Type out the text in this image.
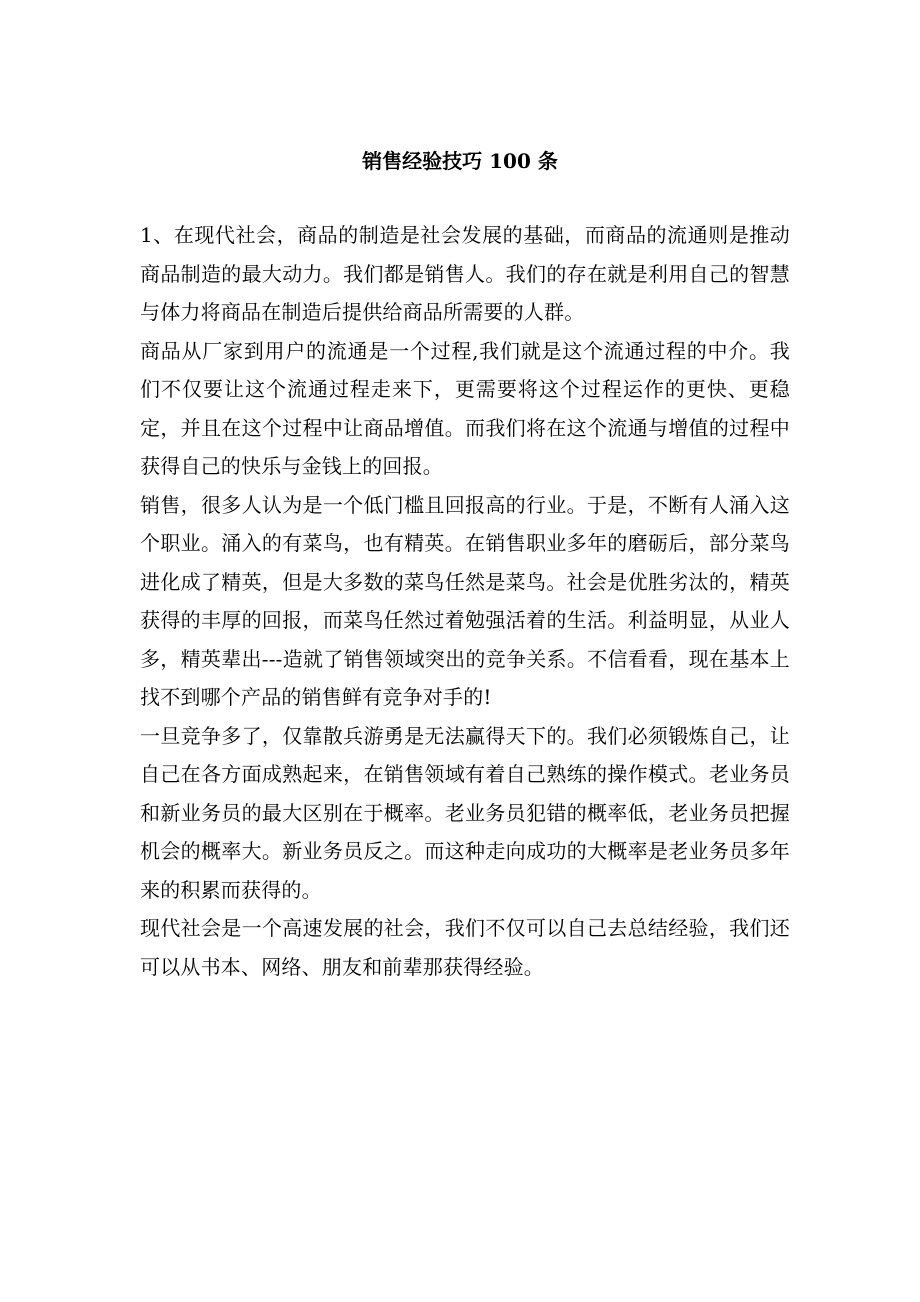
销售经验技巧 100 条

1、在现代社会，商品的制造是社会发展的基础，而商品的流通则是推动商品制造的最大动力。我们都是销售人。我们的存在就是利用自己的智慧与体力将商品在制造后提供给商品所需要的人群。

商品从厂家到用户的流通是一个过程,我们就是这个流通过程的中介。我们不仅要让这个流通过程走来下，更需要将这个过程运作的更快、更稳定，并且在这个过程中让商品增值。而我们将在这个流通与增值的过程中获得自己的快乐与金钱上的回报。

销售，很多人认为是一个低门槛且回报高的行业。于是，不断有人涌入这个职业。涌入的有菜鸟，也有精英。在销售职业多年的磨砺后，部分菜鸟进化成了精英，但是大多数的菜鸟任然是菜鸟。社会是优胜劣汰的，精英获得的丰厚的回报，而菜鸟任然过着勉强活着的生活。利益明显，从业人多，精英辈出---造就了销售领域突出的竞争关系。不信看看，现在基本上找不到哪个产品的销售鲜有竞争对手的!

一旦竞争多了，仅靠散兵游勇是无法赢得天下的。我们必须锻炼自己，让自己在各方面成熟起来，在销售领域有着自己熟练的操作模式。老业务员和新业务员的最大区别在于概率。老业务员犯错的概率低，老业务员把握机会的概率大。新业务员反之。而这种走向成功的大概率是老业务员多年来的积累而获得的。

现代社会是一个高速发展的社会，我们不仅可以自己去总结经验，我们还可以从书本、网络、朋友和前辈那获得经验。
